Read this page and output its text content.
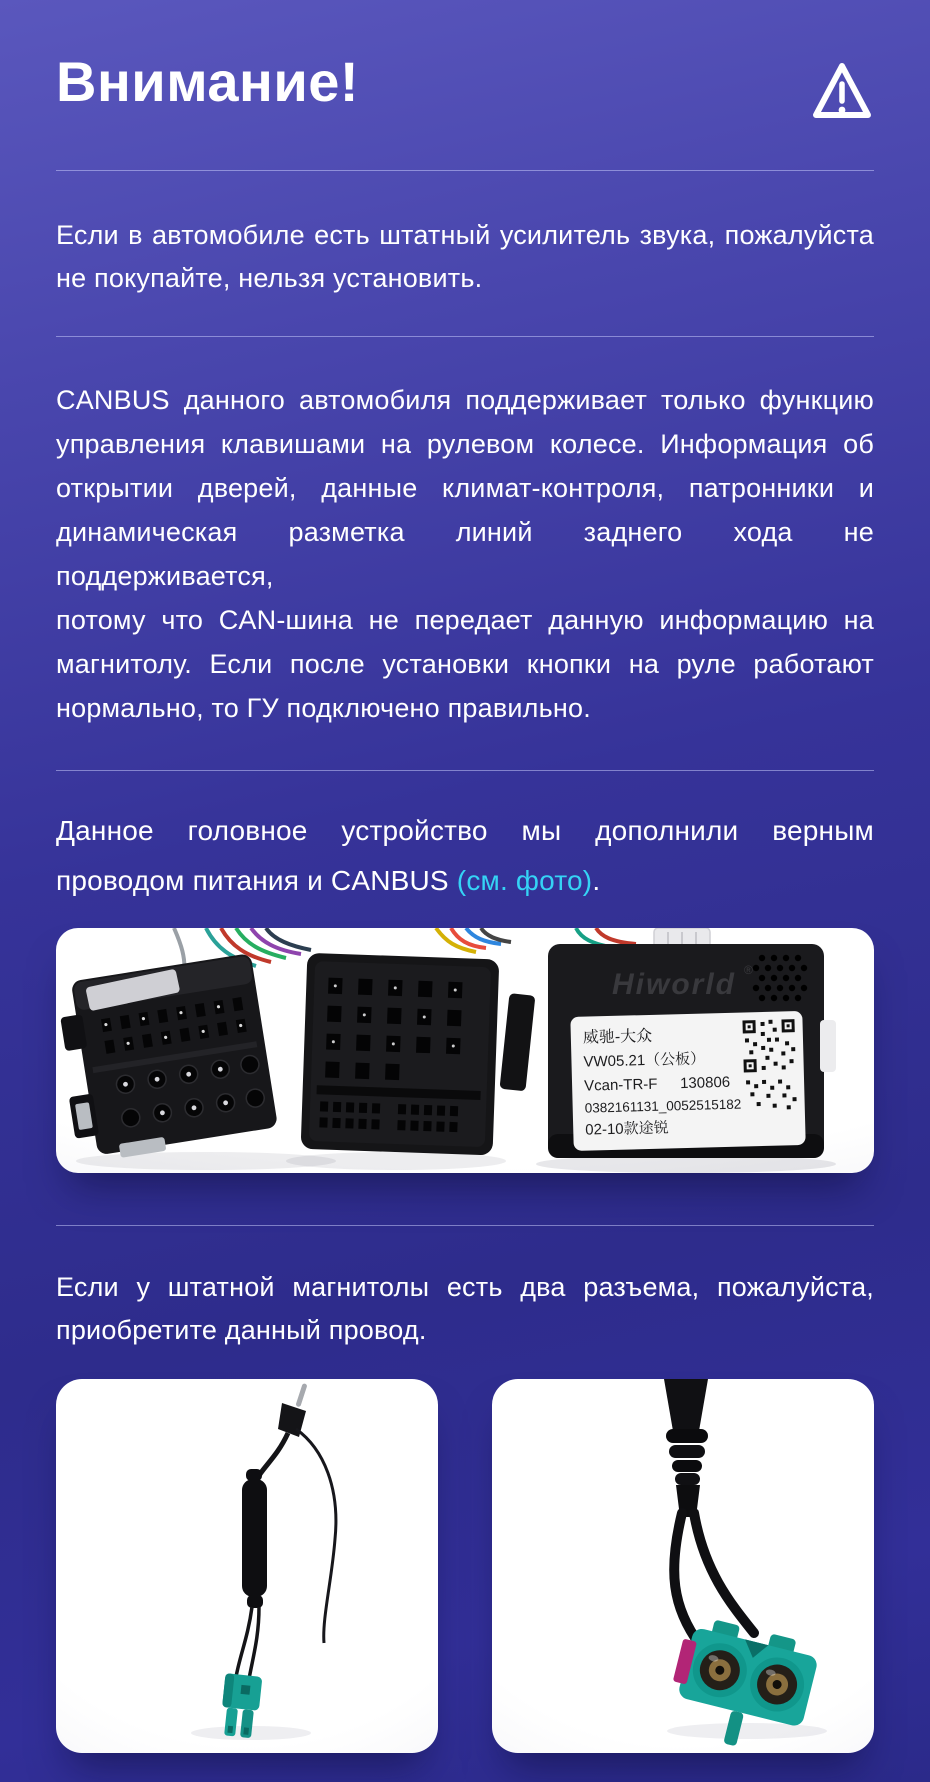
Внимание!
Если в автомобиле есть штатный усилитель звука, пожалуйста
не покупайте, нельзя установить.
CANBUS данного автомобиля поддерживает только функцию
управления клавишами на рулевом колесе. Информация об
открытии дверей, данные климат-контроля, патронники и
динамическая разметка линий заднего хода не поддерживается,
потому что CAN-шина не передает данную информацию на
магнитолу. Если после установки кнопки на руле работают
нормально, то ГУ подключено правильно.
Данное головное устройство мы дополнили верным
проводом питания и CANBUS (см. фото).
Hiworld ®
威驰-大众
VW05.21（公板）
Vcan-TR-F 130806
0382161131_0052515182
02-10款途锐
Если у штатной магнитолы есть два разъема, пожалуйста,
приобретите данный провод.
